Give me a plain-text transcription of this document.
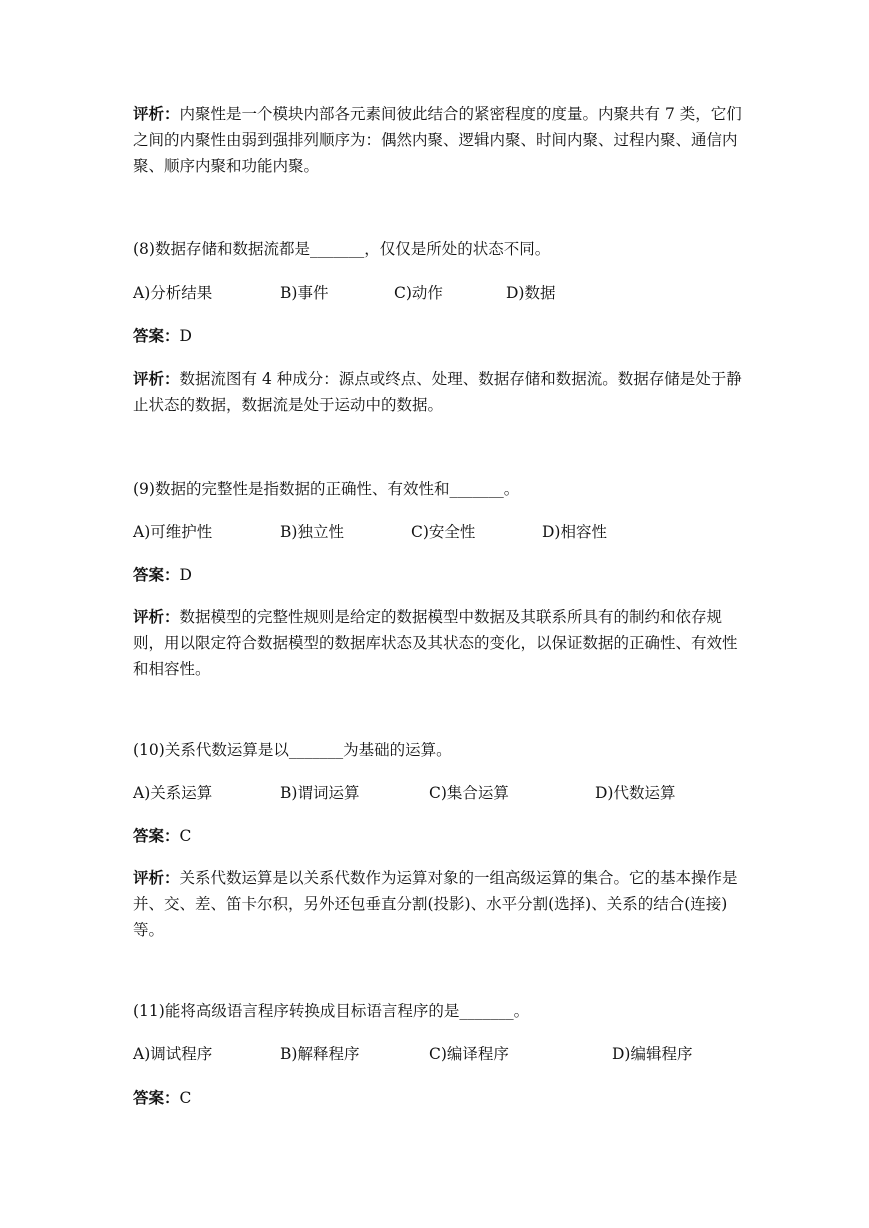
评析：内聚性是一个模块内部各元素间彼此结合的紧密程度的度量。内聚共有 7 类，它们之间的内聚性由弱到强排列顺序为：偶然内聚、逻辑内聚、时间内聚、过程内聚、通信内聚、顺序内聚和功能内聚。

(8)数据存储和数据流都是_______，仅仅是所处的状态不同。

A)分析结果	B)事件	C)动作	D)数据

答案：D

评析：数据流图有 4 种成分：源点或终点、处理、数据存储和数据流。数据存储是处于静止状态的数据，数据流是处于运动中的数据。

(9)数据的完整性是指数据的正确性、有效性和_______。

A)可维护性	B)独立性	C)安全性	D)相容性

答案：D

评析：数据模型的完整性规则是给定的数据模型中数据及其联系所具有的制约和依存规则，用以限定符合数据模型的数据库状态及其状态的变化，以保证数据的正确性、有效性和相容性。

(10)关系代数运算是以_______为基础的运算。

A)关系运算	B)谓词运算	C)集合运算	D)代数运算

答案：C

评析：关系代数运算是以关系代数作为运算对象的一组高级运算的集合。它的基本操作是并、交、差、笛卡尔积，另外还包垂直分割(投影)、水平分割(选择)、关系的结合(连接)等。

(11)能将高级语言程序转换成目标语言程序的是_______。

A)调试程序	B)解释程序	C)编译程序	D)编辑程序

答案：C
